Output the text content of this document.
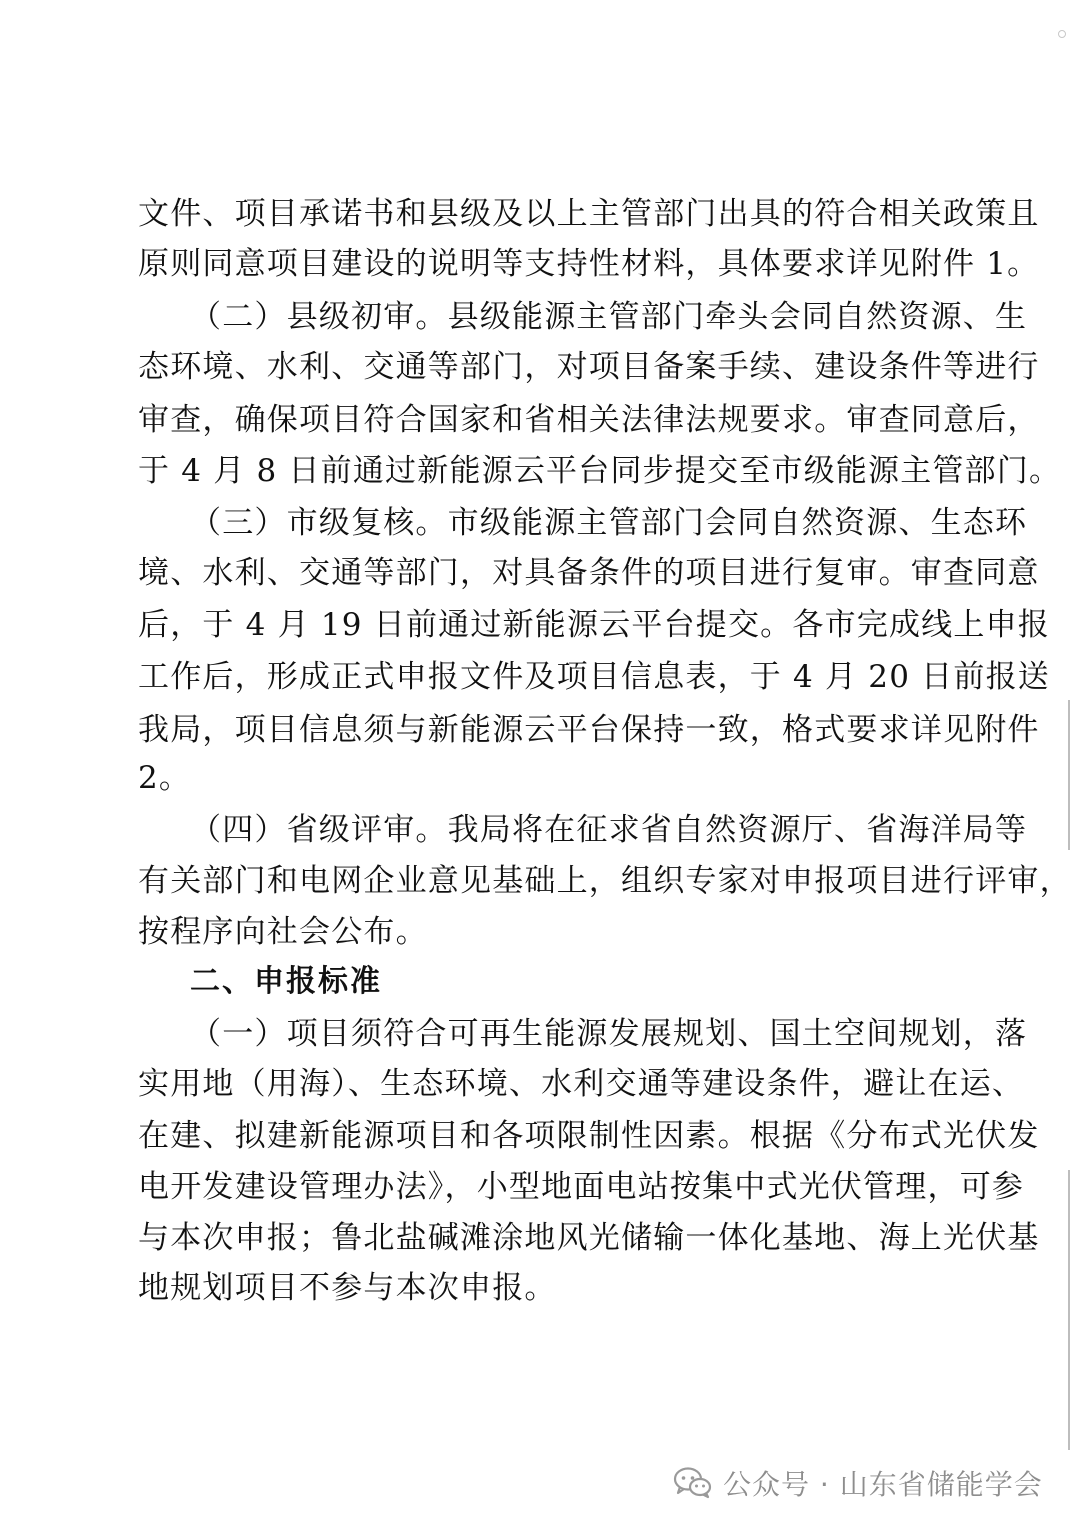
文件、项目承诺书和县级及以上主管部门出具的符合相关政策且
原则同意项目建设的说明等支持性材料，具体要求详见附件 1。
（二）县级初审。县级能源主管部门牵头会同自然资源、生
态环境、水利、交通等部门，对项目备案手续、建设条件等进行
审查，确保项目符合国家和省相关法律法规要求。审查同意后，
于 4 月 8 日前通过新能源云平台同步提交至市级能源主管部门。
（三）市级复核。市级能源主管部门会同自然资源、生态环
境、水利、交通等部门，对具备条件的项目进行复审。审查同意
后，于 4 月 19 日前通过新能源云平台提交。各市完成线上申报
工作后，形成正式申报文件及项目信息表，于 4 月 20 日前报送
我局，项目信息须与新能源云平台保持一致，格式要求详见附件
2。
（四）省级评审。我局将在征求省自然资源厅、省海洋局等
有关部门和电网企业意见基础上，组织专家对申报项目进行评审，
按程序向社会公布。
二、申报标准
（一）项目须符合可再生能源发展规划、国土空间规划，落
实用地（用海）、生态环境、水利交通等建设条件，避让在运、
在建、拟建新能源项目和各项限制性因素。根据《分布式光伏发
电开发建设管理办法》，小型地面电站按集中式光伏管理，可参
与本次申报；鲁北盐碱滩涂地风光储输一体化基地、海上光伏基
地规划项目不参与本次申报。
公众号 · 山东省储能学会
